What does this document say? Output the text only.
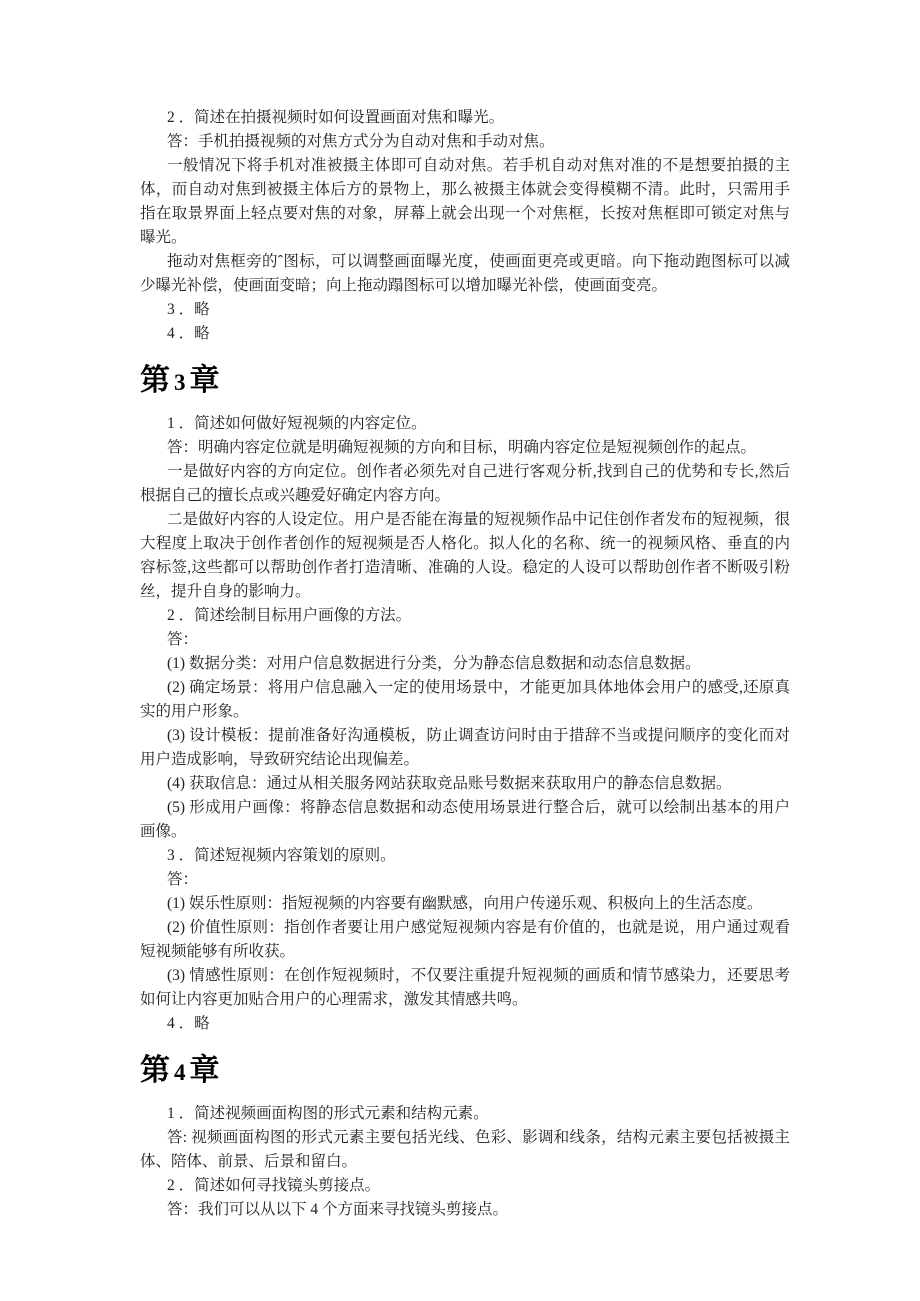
2 ．简述在拍摄视频时如何设置画面对焦和曝光。

答：手机拍摄视频的对焦方式分为自动对焦和手动对焦。

一般情况下将手机对准被摄主体即可自动对焦。若手机自动对焦对准的不是想要拍摄的主体，而自动对焦到被摄主体后方的景物上，那么被摄主体就会变得模糊不清。此时，只需用手指在取景界面上轻点要对焦的对象，屏幕上就会出现一个对焦框，长按对焦框即可锁定对焦与曝光。

拖动对焦框旁的ˆ图标，可以调整画面曝光度，使画面更亮或更暗。向下拖动跑图标可以减少曝光补偿，使画面变暗；向上拖动蹋图标可以增加曝光补偿，使画面变亮。

3 ．略

4 ．略

第 3 章

1 ．简述如何做好短视频的内容定位。

答：明确内容定位就是明确短视频的方向和目标，明确内容定位是短视频创作的起点。

一是做好内容的方向定位。创作者必须先对自己进行客观分析,找到自己的优势和专长,然后根据自己的擅长点或兴趣爱好确定内容方向。

二是做好内容的人设定位。用户是否能在海量的短视频作品中记住创作者发布的短视频，很大程度上取决于创作者创作的短视频是否人格化。拟人化的名称、统一的视频风格、垂直的内容标签,这些都可以帮助创作者打造清晰、准确的人设。稳定的人设可以帮助创作者不断吸引粉丝，提升自身的影响力。

2 ．简述绘制目标用户画像的方法。

答：

(1) 数据分类：对用户信息数据进行分类，分为静态信息数据和动态信息数据。

(2) 确定场景：将用户信息融入一定的使用场景中，才能更加具体地体会用户的感受,还原真实的用户形象。

(3) 设计模板：提前准备好沟通模板，防止调查访问时由于措辞不当或提问顺序的变化而对用户造成影响，导致研究结论出现偏差。

(4) 获取信息：通过从相关服务网站获取竞品账号数据来获取用户的静态信息数据。

(5) 形成用户画像：将静态信息数据和动态使用场景进行整合后，就可以绘制出基本的用户画像。

3 ．简述短视频内容策划的原则。

答：

(1) 娱乐性原则：指短视频的内容要有幽默感，向用户传递乐观、积极向上的生活态度。

(2) 价值性原则：指创作者要让用户感觉短视频内容是有价值的，也就是说，用户通过观看短视频能够有所收获。

(3) 情感性原则：在创作短视频时，不仅要注重提升短视频的画质和情节感染力，还要思考如何让内容更加贴合用户的心理需求，激发其情感共鸣。

4 ．略

第 4 章

1 ．简述视频画面构图的形式元素和结构元素。

答: 视频画面构图的形式元素主要包括光线、色彩、影调和线条，结构元素主要包括被摄主体、陪体、前景、后景和留白。

2 ．简述如何寻找镜头剪接点。

答：我们可以从以下 4 个方面来寻找镜头剪接点。
